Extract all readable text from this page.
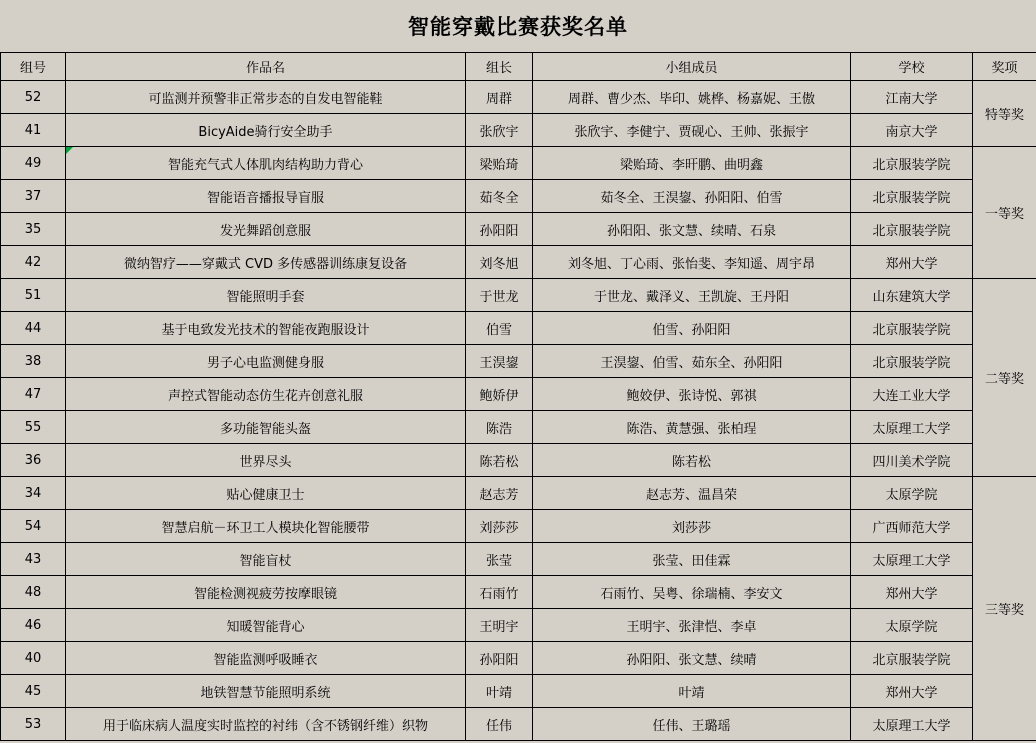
智能穿戴比赛获奖名单
组号	作品名	组长	小组成员	学校	奖项
52	可监测并预警非正常步态的自发电智能鞋	周群	周群、曹少杰、毕印、姚桦、杨嘉妮、王傲	江南大学	特等奖
41	BicyAide骑行安全助手	张欣宇	张欣宇、李健宁、贾砚心、王帅、张振宇	南京大学	
49	智能充气式人体肌肉结构助力背心	梁贻琦	梁贻琦、李旰鹏、曲明鑫	北京服装学院	一等奖
37	智能语音播报导盲服	茹冬全	茹冬全、王淏鋆、孙阳阳、伯雪	北京服装学院	
35	发光舞蹈创意服	孙阳阳	孙阳阳、张文慧、续晴、石泉	北京服装学院	
42	微纳智疗——穿戴式 CVD 多传感器训练康复设备	刘冬旭	刘冬旭、丁心雨、张怡斐、李知遥、周宇昂	郑州大学	
51	智能照明手套	于世龙	于世龙、戴泽义、王凯旋、王丹阳	山东建筑大学	二等奖
44	基于电致发光技术的智能夜跑服设计	伯雪	伯雪、孙阳阳	北京服装学院	
38	男子心电监测健身服	王淏鋆	王淏鋆、伯雪、茹东全、孙阳阳	北京服装学院	
47	声控式智能动态仿生花卉创意礼服	鲍娇伊	鲍姣伊、张诗悦、郭祺	大连工业大学	
55	多功能智能头盔	陈浩	陈浩、黄慧强、张柏珵	太原理工大学	
36	世界尽头	陈若松	陈若松	四川美术学院	
34	贴心健康卫士	赵志芳	赵志芳、温昌荣	太原学院	三等奖
54	智慧启航－环卫工人模块化智能腰带	刘莎莎	刘莎莎	广西师范大学	
43	智能盲杖	张莹	张莹、田佳霖	太原理工大学	
48	智能检测视疲劳按摩眼镜	石雨竹	石雨竹、吴粤、徐瑞楠、李安文	郑州大学	
46	知暖智能背心	王明宇	王明宇、张津恺、李卓	太原学院	
40	智能监测呼吸睡衣	孙阳阳	孙阳阳、张文慧、续晴	北京服装学院	
45	地铁智慧节能照明系统	叶靖	叶靖	郑州大学	
53	用于临床病人温度实时监控的衬纬（含不锈钢纤维）织物	任伟	任伟、王璐瑶	太原理工大学	
